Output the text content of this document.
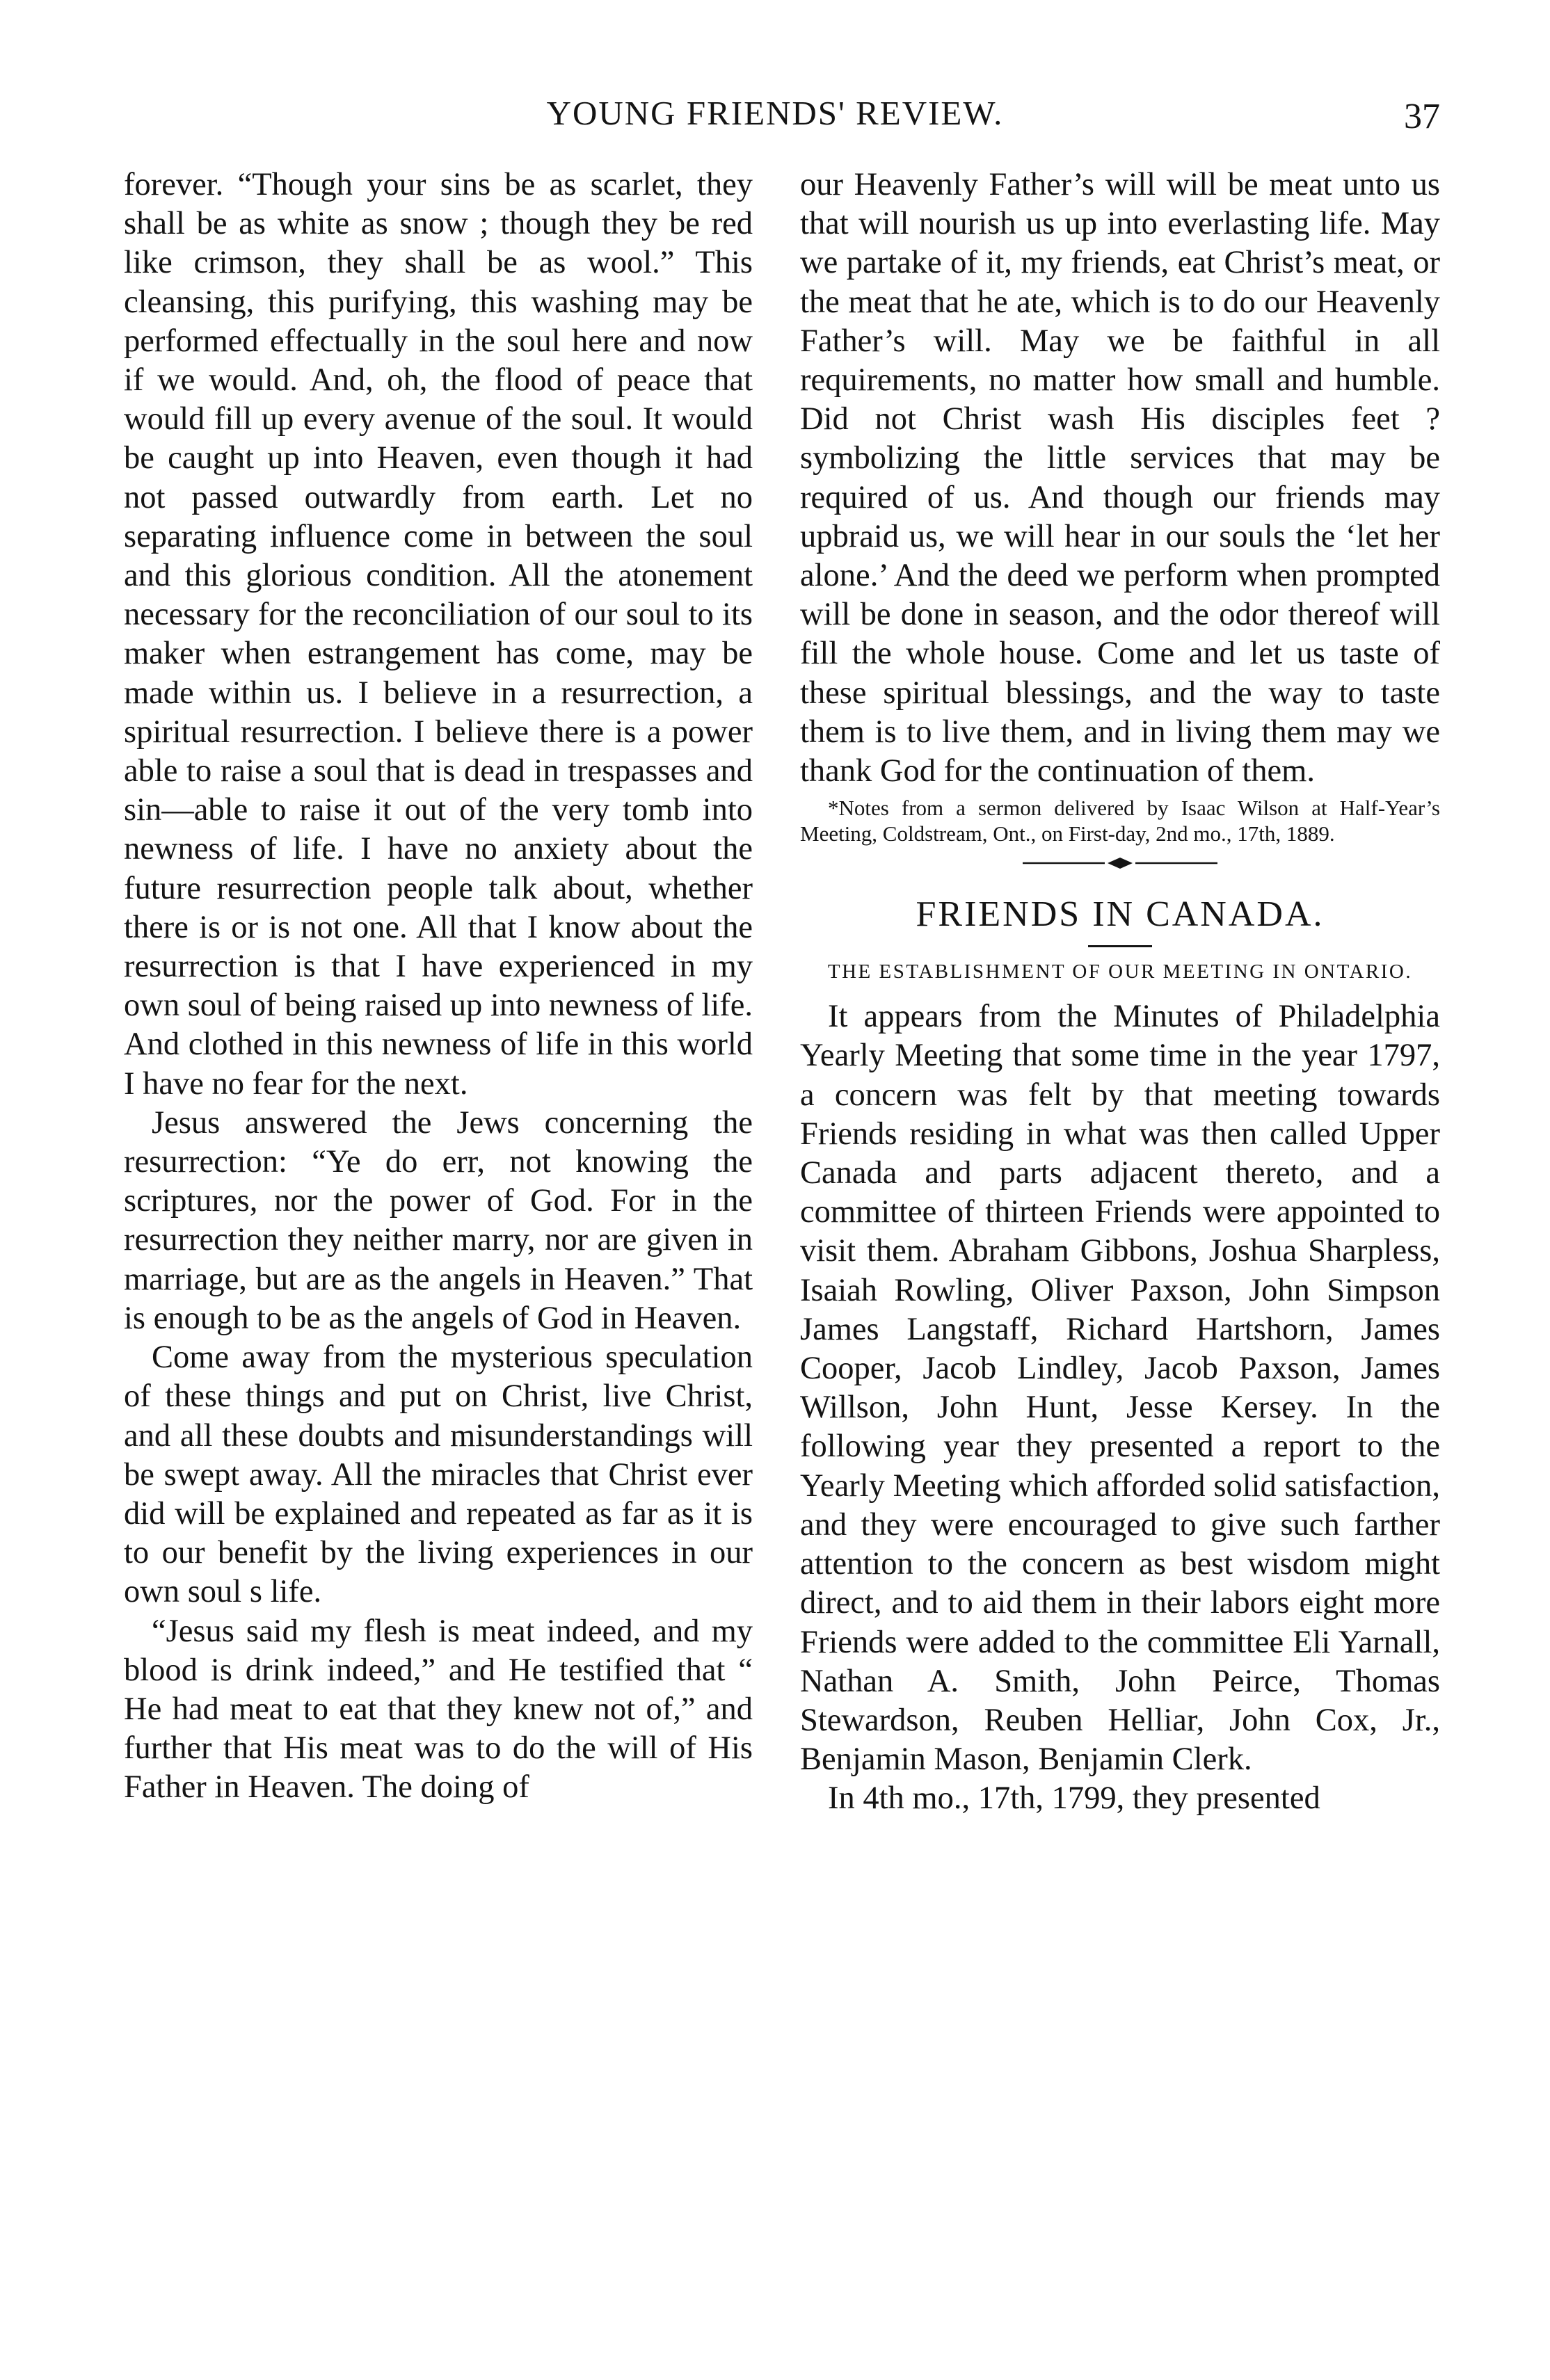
YOUNG FRIENDS' REVIEW.	37

forever. “Though your sins be as scarlet, they shall be as white as snow ; though they be red like crimson, they shall be as wool.” This cleansing, this purifying, this washing may be performed effectually in the soul here and now if we would. And, oh, the flood of peace that would fill up every avenue of the soul. It would be caught up into Heaven, even though it had not passed outwardly from earth. Let no separating influence come in between the soul and this glorious condition. All the atonement necessary for the reconciliation of our soul to its maker when estrangement has come, may be made within us. I believe in a resurrection, a spiritual resurrection. I believe there is a power able to raise a soul that is dead in trespasses and sin—able to raise it out of the very tomb into newness of life. I have no anxiety about the future resurrection people talk about, whether there is or is not one. All that I know about the resurrection is that I have experienced in my own soul of being raised up into newness of life. And clothed in this newness of life in this world I have no fear for the next.

Jesus answered the Jews concerning the resurrection: “Ye do err, not knowing the scriptures, nor the power of God. For in the resurrection they neither marry, nor are given in marriage, but are as the angels in Heaven.” That is enough to be as the angels of God in Heaven.

Come away from the mysterious speculation of these things and put on Christ, live Christ, and all these doubts and misunderstandings will be swept away. All the miracles that Christ ever did will be explained and repeated as far as it is to our benefit by the living experiences in our own soul s life.

“Jesus said my flesh is meat indeed, and my blood is drink indeed,” and He testified that “ He had meat to eat that they knew not of,” and further that His meat was to do the will of His Father in Heaven. The doing of

our Heavenly Father’s will will be meat unto us that will nourish us up into everlasting life. May we partake of it, my friends, eat Christ’s meat, or the meat that he ate, which is to do our Heavenly Father’s will. May we be faithful in all requirements, no matter how small and humble. Did not Christ wash His disciples feet ? symbolizing the little services that may be required of us. And though our friends may upbraid us, we will hear in our souls the ‘let her alone.’ And the deed we perform when prompted will be done in season, and the odor thereof will fill the whole house. Come and let us taste of these spiritual blessings, and the way to taste them is to live them, and in living them may we thank God for the continuation of them.

*Notes from a sermon delivered by Isaac Wilson at Half-Year’s Meeting, Coldstream, Ont., on First-day, 2nd mo., 17th, 1889.

FRIENDS IN CANADA.

THE ESTABLISHMENT OF OUR MEETING IN ONTARIO.

It appears from the Minutes of Philadelphia Yearly Meeting that some time in the year 1797, a concern was felt by that meeting towards Friends residing in what was then called Upper Canada and parts adjacent thereto, and a committee of thirteen Friends were appointed to visit them. Abraham Gibbons, Joshua Sharpless, Isaiah Rowling, Oliver Paxson, John Simpson James Langstaff, Richard Hartshorn, James Cooper, Jacob Lindley, Jacob Paxson, James Willson, John Hunt, Jesse Kersey. In the following year they presented a report to the Yearly Meeting which afforded solid satisfaction, and they were encouraged to give such farther attention to the concern as best wisdom might direct, and to aid them in their labors eight more Friends were added to the committee Eli Yarnall, Nathan A. Smith, John Peirce, Thomas Stewardson, Reuben Helliar, John Cox, Jr., Benjamin Mason, Benjamin Clerk.

In 4th mo., 17th, 1799, they presented
